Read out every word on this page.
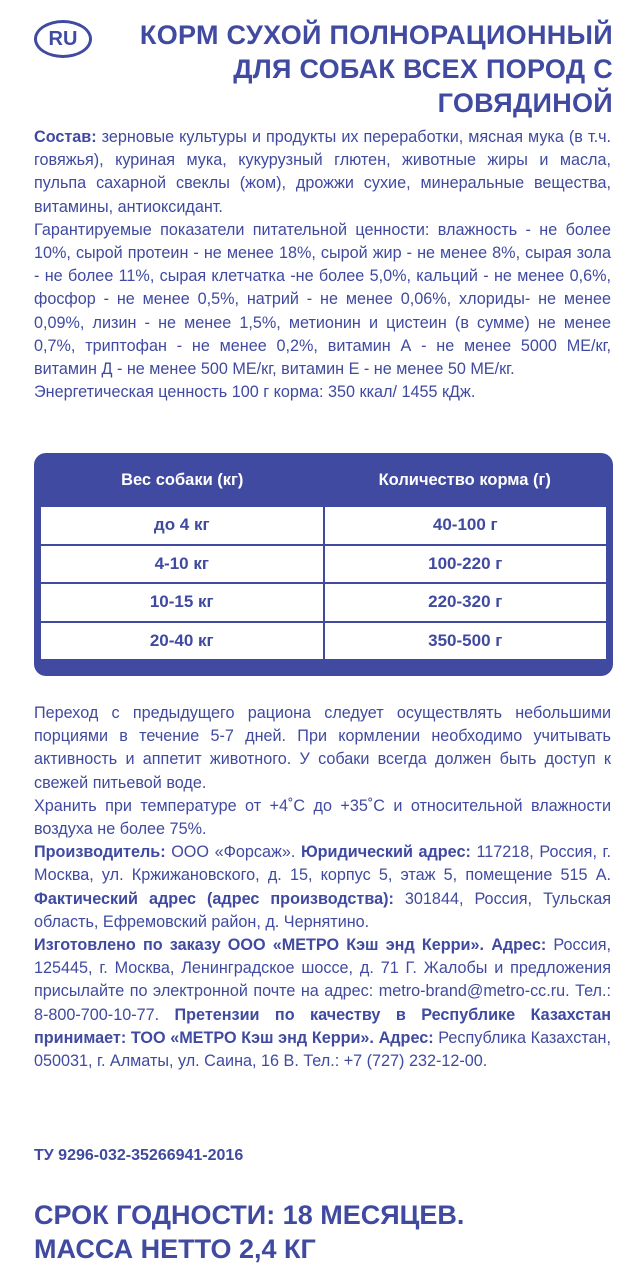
RU	КОРМ СУХОЙ ПОЛНОРАЦИОННЫЙ
ДЛЯ СОБАК ВСЕХ ПОРОД С ГОВЯДИНОЙ
Состав: зерновые культуры и продукты их переработки, мясная мука (в т.ч. говяжья), куриная мука, кукурузный глютен, животные жиры и масла, пульпа сахарной свеклы (жом), дрожжи сухие, минеральные вещества, витамины, антиоксидант.
Гарантируемые показатели питательной ценности: влажность - не более 10%, сырой протеин - не менее 18%, сырой жир - не менее 8%, сырая зола - не более 11%, сырая клетчатка -не более 5,0%, кальций - не менее 0,6%, фосфор - не менее 0,5%, натрий - не менее 0,06%, хлориды- не менее 0,09%, лизин - не менее 1,5%, метионин и цистеин (в сумме) не менее 0,7%, триптофан - не менее 0,2%, витамин А - не менее 5000 МЕ/кг, витамин Д - не менее 500 МЕ/кг, витамин Е - не менее 50 МЕ/кг.
Энергетическая ценность 100 г корма: 350 ккал/ 1455 кДж.
Вес собаки (кг)	Количество корма (г)
до 4 кг	40-100 г
4-10 кг	100-220 г
10-15 кг	220-320 г
20-40 кг	350-500 г
Переход с предыдущего рациона следует осуществлять небольшими порциями в течение 5-7 дней. При кормлении необходимо учитывать активность и аппетит животного. У собаки всегда должен быть доступ к свежей питьевой воде.
Хранить при температуре от +4˚С до +35˚С и относительной влажности воздуха не более 75%.
Производитель: ООО «Форсаж». Юридический адрес: 117218, Россия, г. Москва, ул. Кржижановского, д. 15, корпус 5, этаж 5, помещение 515 А. Фактический адрес (адрес производства): 301844, Россия, Тульская область, Ефремовский район, д. Чернятино.
Изготовлено по заказу ООО «МЕТРО Кэш энд Керри». Адрес: Россия, 125445, г. Москва, Ленинградское шоссе, д. 71 Г. Жалобы и предложения присылайте по электронной почте на адрес: metro-brand@metro-cc.ru. Тел.: 8-800-700-10-77. Претензии по качеству в Республике Казахстан принимает: ТОО «МЕТРО Кэш энд Керри». Адрес: Республика Казахстан, 050031, г. Алматы, ул. Саина, 16 В. Тел.: +7 (727) 232-12-00.
ТУ 9296-032-35266941-2016
СРОК ГОДНОСТИ: 18 МЕСЯЦЕВ.
МАССА НЕТТО 2,4 КГ
